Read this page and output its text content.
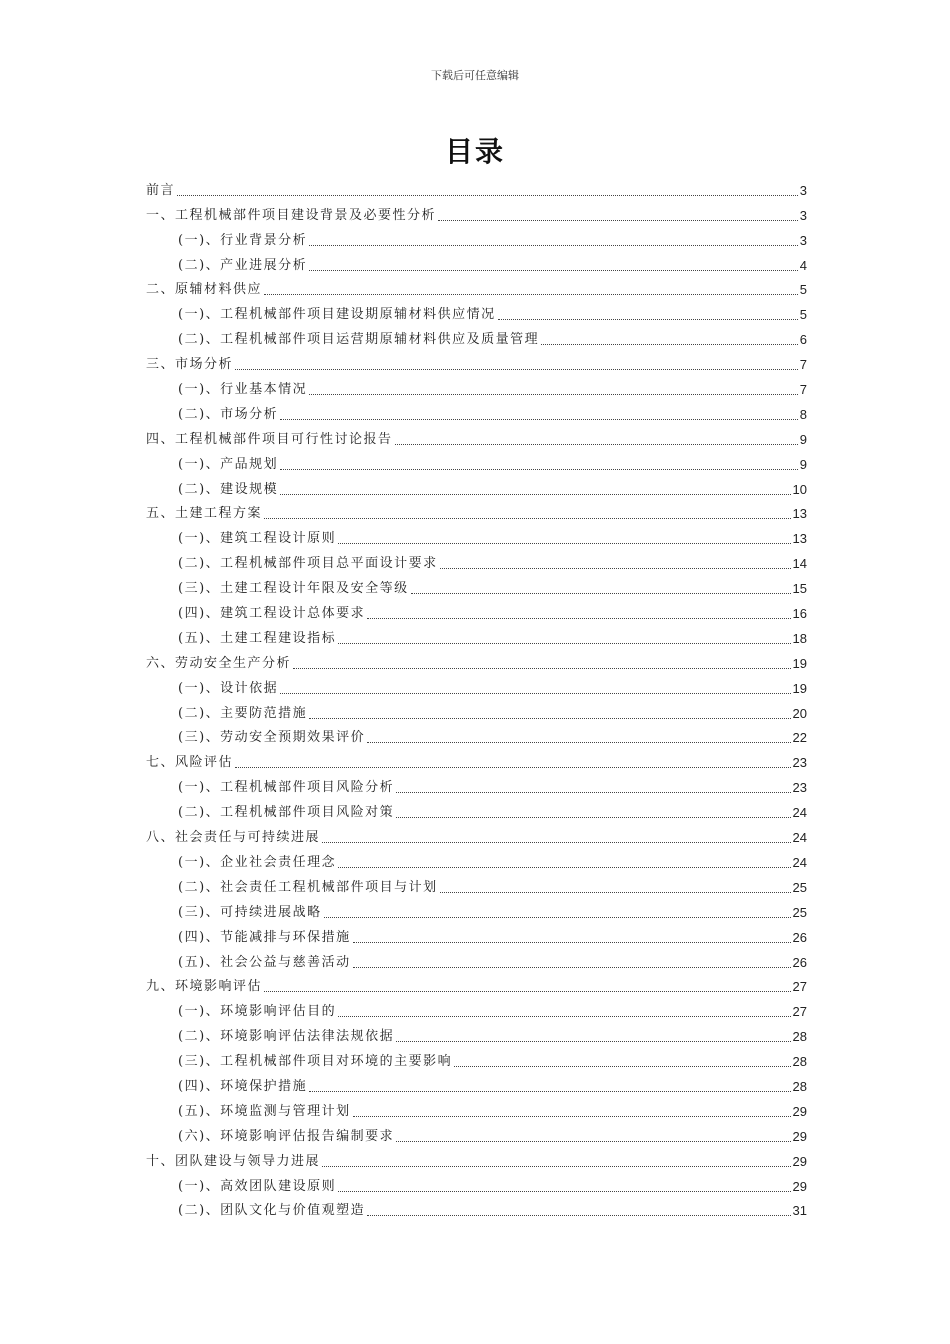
下载后可任意编辑
目录
前言	3
一、工程机械部件项目建设背景及必要性分析	3
(一)、行业背景分析	3
(二)、产业进展分析	4
二、原辅材料供应	5
(一)、工程机械部件项目建设期原辅材料供应情况	5
(二)、工程机械部件项目运营期原辅材料供应及质量管理	6
三、市场分析	7
(一)、行业基本情况	7
(二)、市场分析	8
四、工程机械部件项目可行性讨论报告	9
(一)、产品规划	9
(二)、建设规模	10
五、土建工程方案	13
(一)、建筑工程设计原则	13
(二)、工程机械部件项目总平面设计要求	14
(三)、土建工程设计年限及安全等级	15
(四)、建筑工程设计总体要求	16
(五)、土建工程建设指标	18
六、劳动安全生产分析	19
(一)、设计依据	19
(二)、主要防范措施	20
(三)、劳动安全预期效果评价	22
七、风险评估	23
(一)、工程机械部件项目风险分析	23
(二)、工程机械部件项目风险对策	24
八、社会责任与可持续进展	24
(一)、企业社会责任理念	24
(二)、社会责任工程机械部件项目与计划	25
(三)、可持续进展战略	25
(四)、节能减排与环保措施	26
(五)、社会公益与慈善活动	26
九、环境影响评估	27
(一)、环境影响评估目的	27
(二)、环境影响评估法律法规依据	28
(三)、工程机械部件项目对环境的主要影响	28
(四)、环境保护措施	28
(五)、环境监测与管理计划	29
(六)、环境影响评估报告编制要求	29
十、团队建设与领导力进展	29
(一)、高效团队建设原则	29
(二)、团队文化与价值观塑造	31
